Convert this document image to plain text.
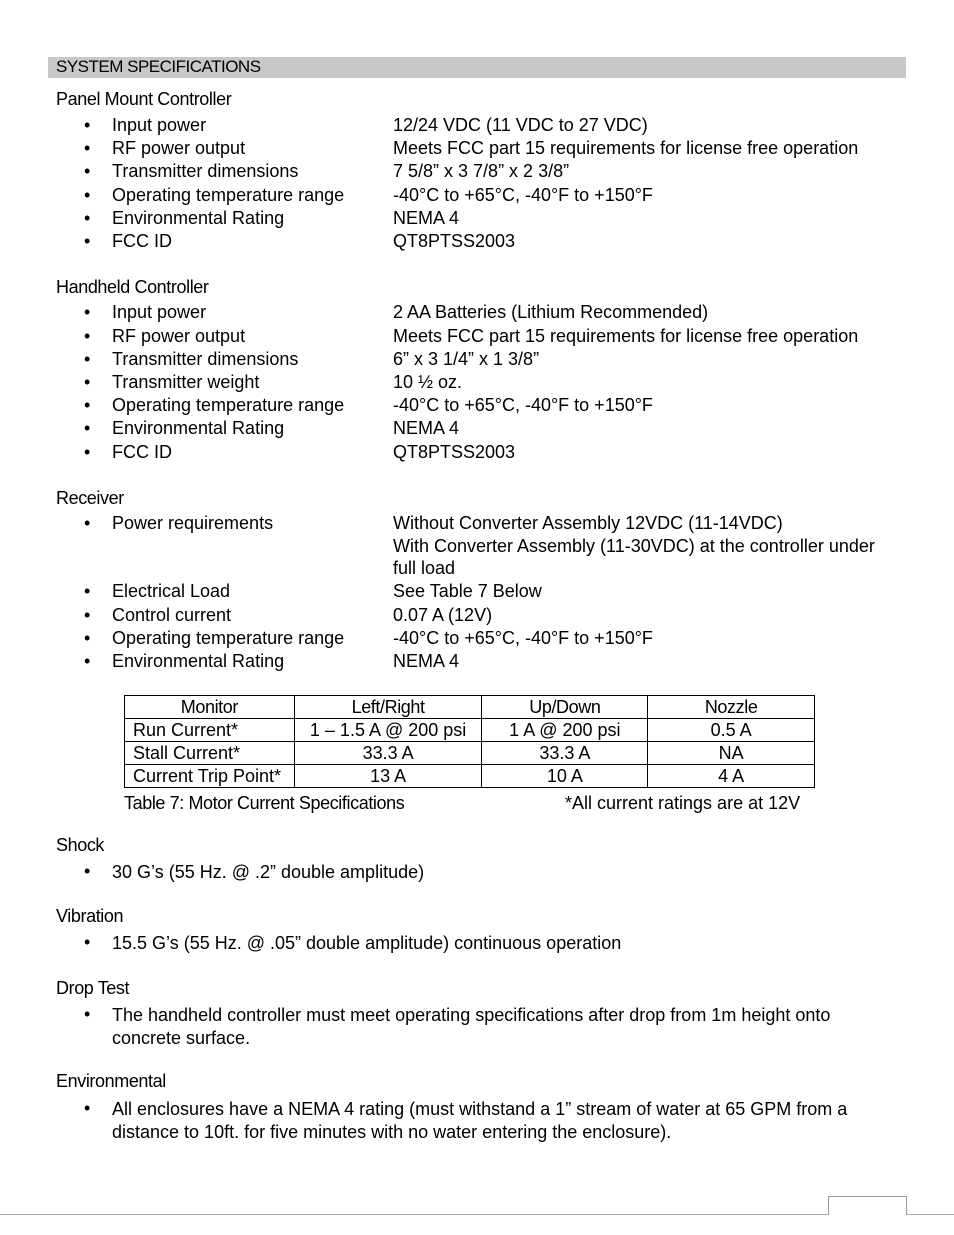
SYSTEM SPECIFICATIONS
Panel Mount Controller
• Input power	12/24 VDC (11 VDC to 27 VDC)
• RF power output	Meets FCC part 15 requirements for license free operation
• Transmitter dimensions	7 5/8” x 3 7/8” x 2 3/8”
• Operating temperature range	-40°C to +65°C, -40°F to +150°F
• Environmental Rating	NEMA 4
• FCC ID	QT8PTSS2003
Handheld Controller
• Input power	2 AA Batteries (Lithium Recommended)
• RF power output	Meets FCC part 15 requirements for license free operation
• Transmitter dimensions	6” x 3 1/4” x 1 3/8”
• Transmitter weight	10 ½ oz.
• Operating temperature range	-40°C to +65°C, -40°F to +150°F
• Environmental Rating	NEMA 4
• FCC ID	QT8PTSS2003
Receiver
• Power requirements	Without Converter Assembly 12VDC (11-14VDC)
With Converter Assembly (11-30VDC) at the controller under
full load
• Electrical Load	See Table 7 Below
• Control current	0.07 A (12V)
• Operating temperature range	-40°C to +65°C, -40°F to +150°F
• Environmental Rating	NEMA 4
Monitor	Left/Right	Up/Down	Nozzle
Run Current*	1 – 1.5 A @ 200 psi	1 A @ 200 psi	0.5 A
Stall Current*	33.3 A	33.3 A	NA
Current Trip Point*	13 A	10 A	4 A
Table 7: Motor Current Specifications	*All current ratings are at 12V
Shock
• 30 G’s (55 Hz. @ .2” double amplitude)
Vibration
• 15.5 G’s (55 Hz. @ .05” double amplitude) continuous operation
Drop Test
• The handheld controller must meet operating specifications after drop from 1m height onto concrete surface.
Environmental
• All enclosures have a NEMA 4 rating (must withstand a 1” stream of water at 65 GPM from a distance to 10ft. for five minutes with no water entering the enclosure).
